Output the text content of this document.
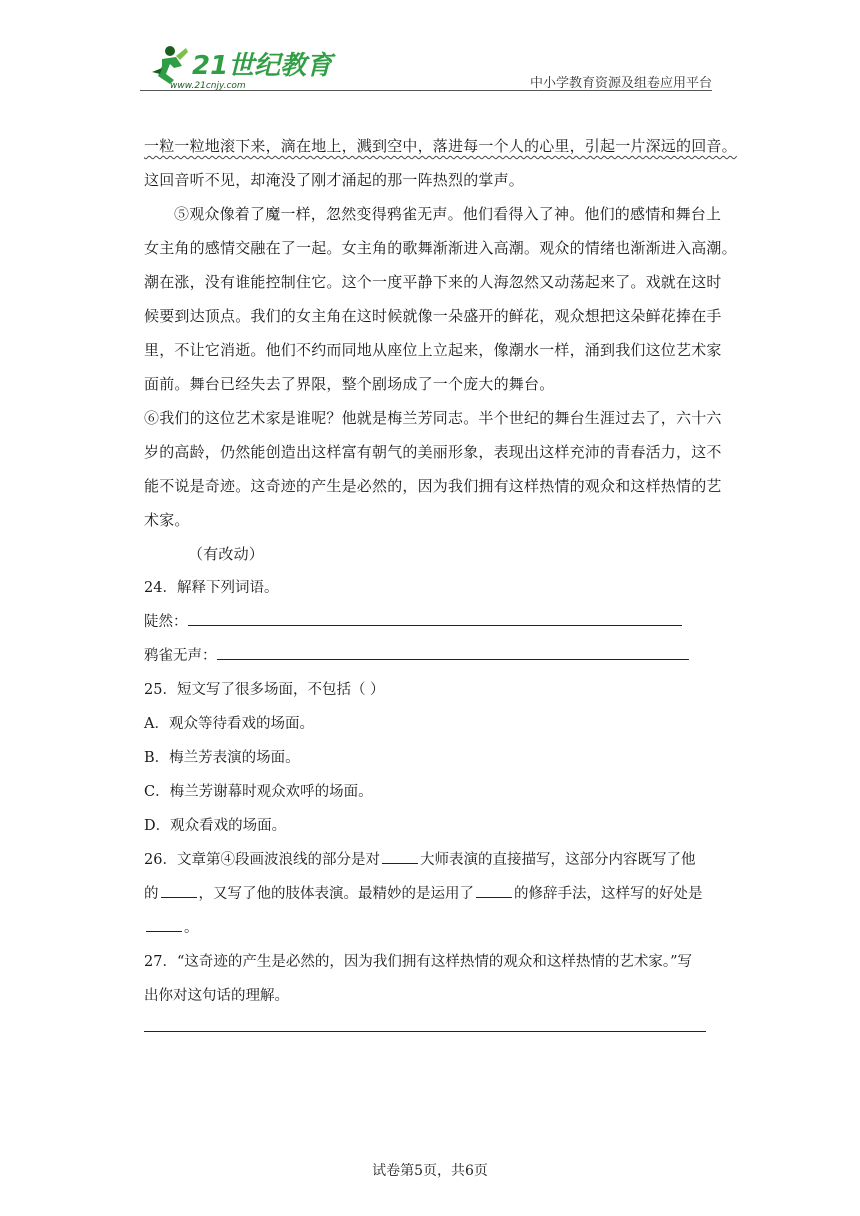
21世纪教育
www.21cnjy.com	中小学教育资源及组卷应用平台
一粒一粒地滚下来，滴在地上，溅到空中，落进每一个人的心里，引起一片深远的回音。
这回音听不见，却淹没了刚才涌起的那一阵热烈的掌声。
⑤观众像着了魔一样，忽然变得鸦雀无声。他们看得入了神。他们的感情和舞台上
女主角的感情交融在了一起。女主角的歌舞渐渐进入高潮。观众的情绪也渐渐进入高潮。
潮在涨，没有谁能控制住它。这个一度平静下来的人海忽然又动荡起来了。戏就在这时
候要到达顶点。我们的女主角在这时候就像一朵盛开的鲜花，观众想把这朵鲜花捧在手
里，不让它消逝。他们不约而同地从座位上立起来，像潮水一样，涌到我们这位艺术家
面前。舞台已经失去了界限，整个剧场成了一个庞大的舞台。
⑥我们的这位艺术家是谁呢？他就是梅兰芳同志。半个世纪的舞台生涯过去了，六十六
岁的高龄，仍然能创造出这样富有朝气的美丽形象，表现出这样充沛的青春活力，这不
能不说是奇迹。这奇迹的产生是必然的，因为我们拥有这样热情的观众和这样热情的艺
术家。
（有改动）
24．解释下列词语。
陡然：
鸦雀无声：
25．短文写了很多场面，不包括（ ）
A．观众等待看戏的场面。
B．梅兰芳表演的场面。
C．梅兰芳谢幕时观众欢呼的场面。
D．观众看戏的场面。
26．文章第④段画波浪线的部分是对	大师表演的直接描写，这部分内容既写了他
的	，又写了他的肢体表演。最精妙的是运用了	的修辞手法，这样写的好处是
。
27．“这奇迹的产生是必然的，因为我们拥有这样热情的观众和这样热情的艺术家。”写
出你对这句话的理解。
试卷第5页，共6页
